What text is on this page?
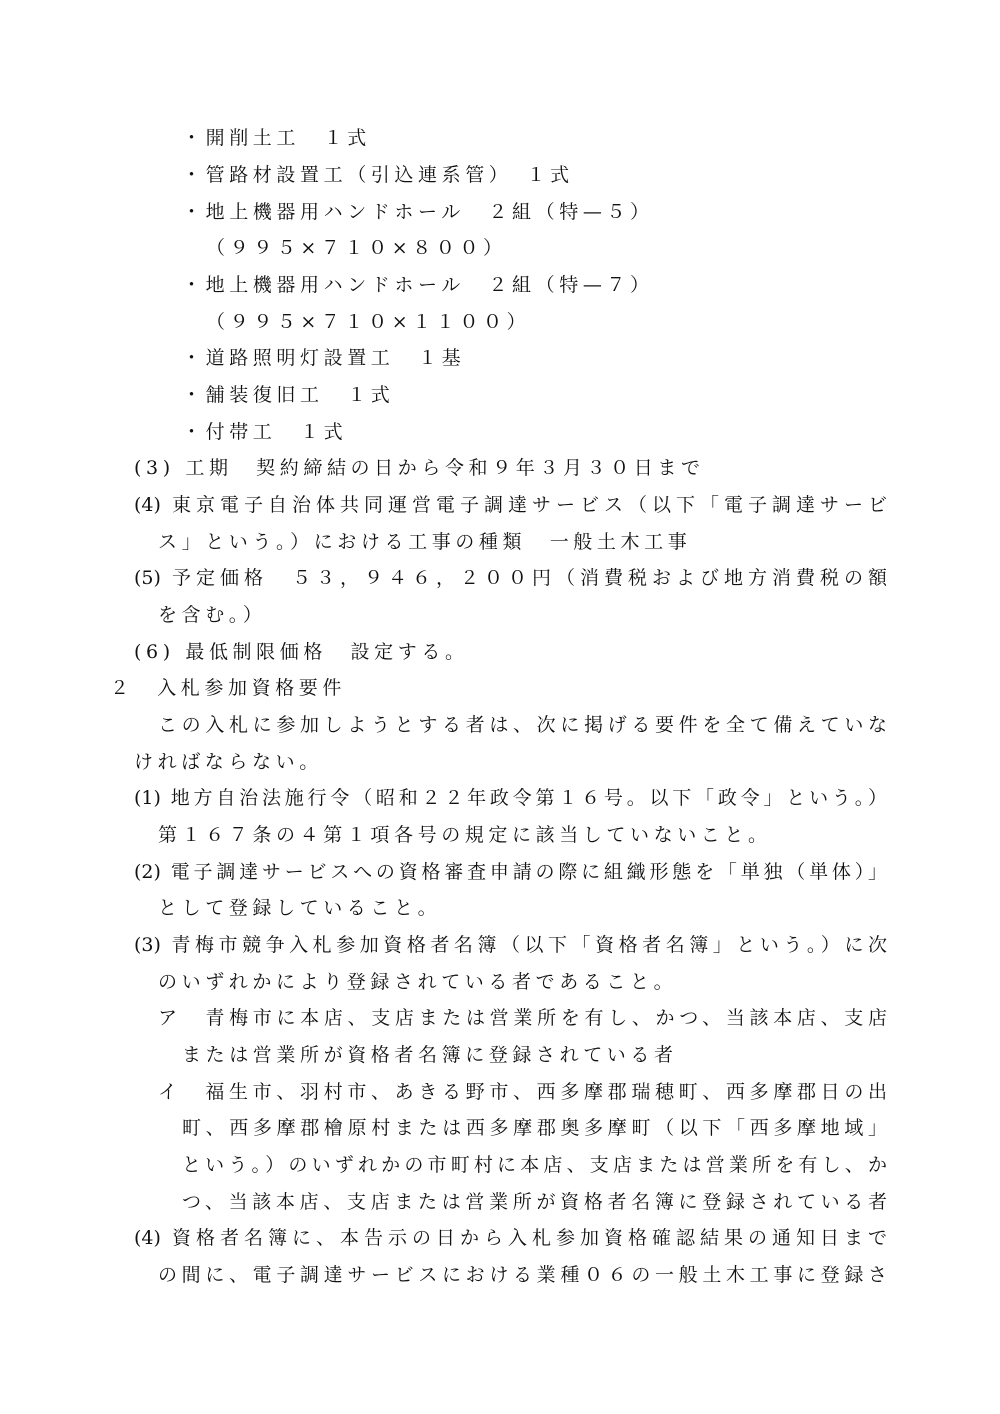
・開削土工　１式
・管路材設置工（引込連系管）　１式
・地上機器用ハンドホール　２組（特—５）
（９９５×７１０×８００）
・地上機器用ハンドホール　２組（特—７）
（９９５×７１０×１１００）
・道路照明灯設置工　１基
・舗装復旧工　１式
・付帯工　１式
(3) 工期　契約締結の日から令和９年３月３０日まで
(4) 東京電子自治体共同運営電子調達サービス（以下「電子調達サービ
ス」という。）における工事の種類　一般土木工事
(5) 予定価格　５３，９４６，２００円（消費税および地方消費税の額
を含む。）
(6) 最低制限価格　設定する。
２　入札参加資格要件
この入札に参加しようとする者は、次に掲げる要件を全て備えていな
ければならない。
(1) 地方自治法施行令（昭和２２年政令第１６号。以下「政令」という。）
第１６７条の４第１項各号の規定に該当していないこと。
(2) 電子調達サービスへの資格審査申請の際に組織形態を「単独（単体）」
として登録していること。
(3) 青梅市競争入札参加資格者名簿（以下「資格者名簿」という。）に次
のいずれかにより登録されている者であること。
ア　青梅市に本店、支店または営業所を有し、かつ、当該本店、支店
または営業所が資格者名簿に登録されている者
イ　福生市、羽村市、あきる野市、西多摩郡瑞穂町、西多摩郡日の出
町、西多摩郡檜原村または西多摩郡奥多摩町（以下「西多摩地域」
という。）のいずれかの市町村に本店、支店または営業所を有し、か
つ、当該本店、支店または営業所が資格者名簿に登録されている者
(4) 資格者名簿に、本告示の日から入札参加資格確認結果の通知日まで
の間に、電子調達サービスにおける業種０６の一般土木工事に登録さ
